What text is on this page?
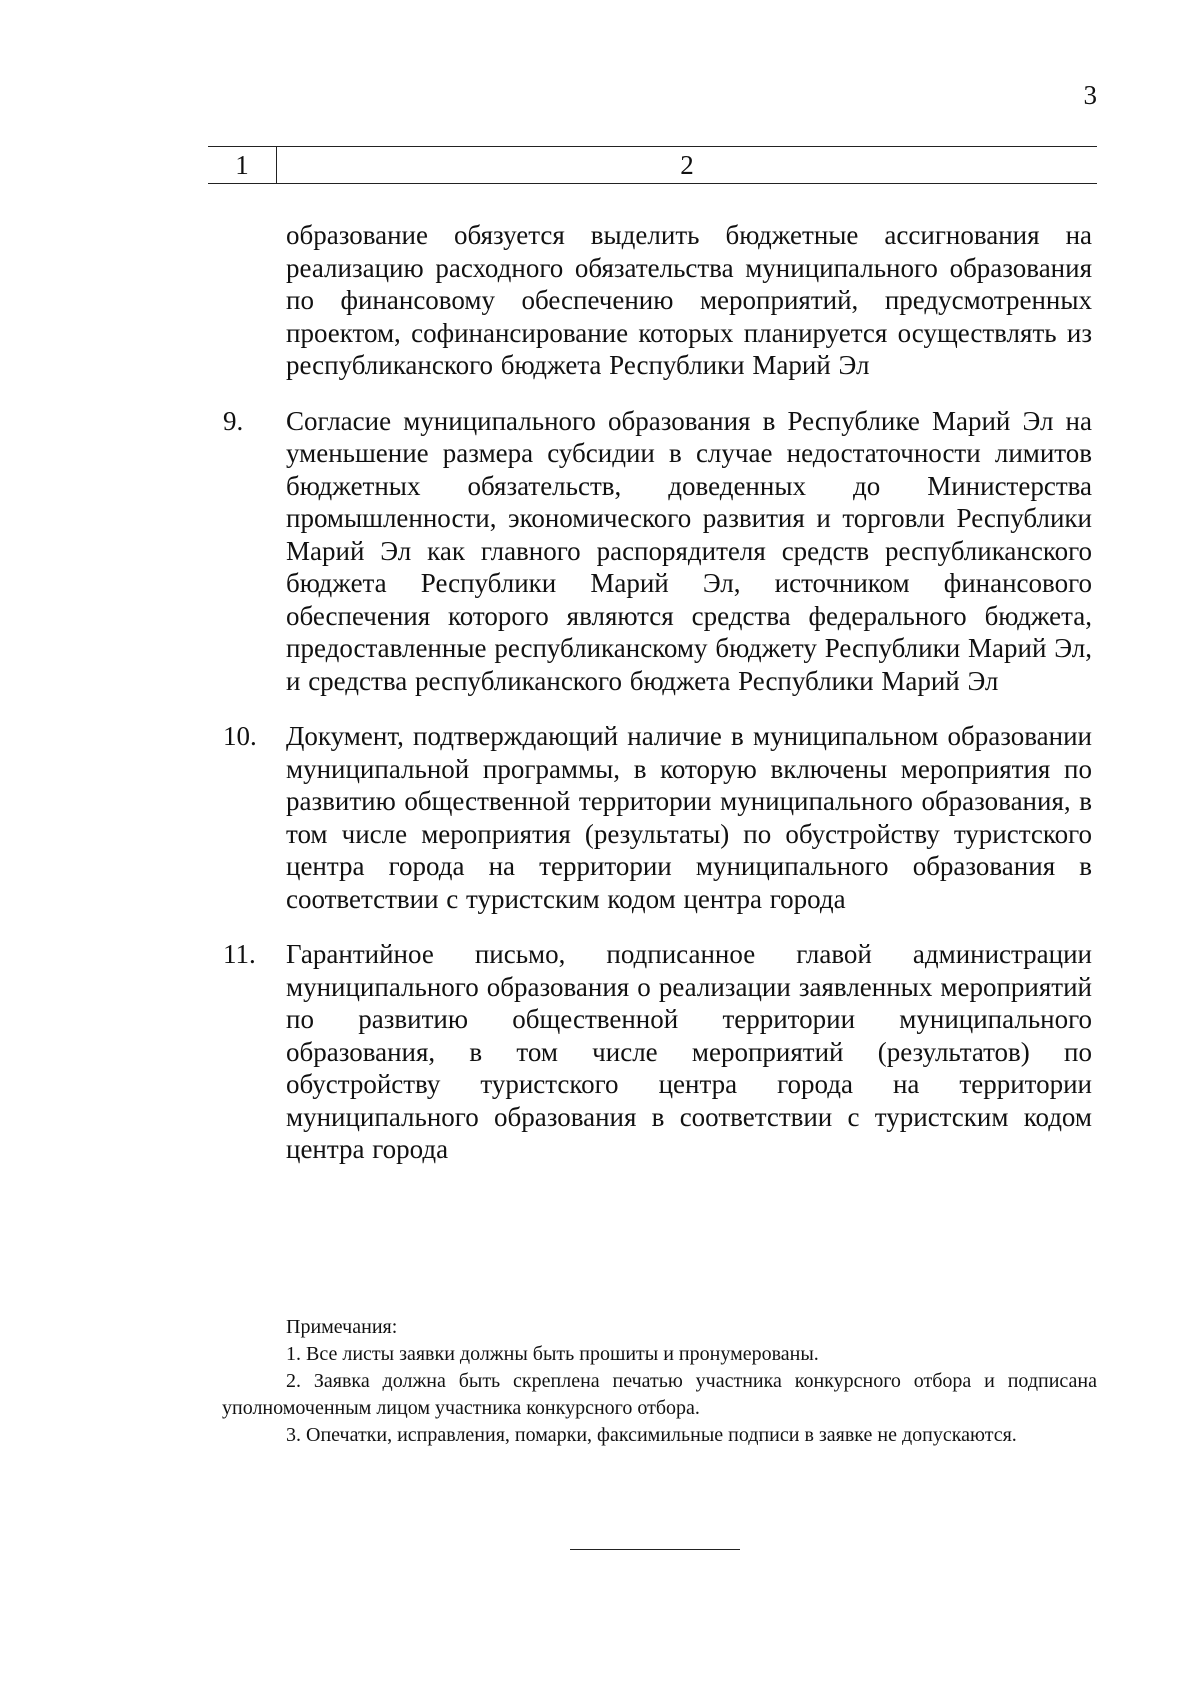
3
1	2
образование обязуется выделить бюджетные ассигнования на реализацию расходного обязательства муниципального образования по финансовому обеспечению мероприятий, предусмотренных проектом, софинансирование которых планируется осуществлять из республиканского бюджета Республики Марий Эл
9. Согласие муниципального образования в Республике Марий Эл на уменьшение размера субсидии в случае недостаточности лимитов бюджетных обязательств, доведенных до Министерства промышленности, экономического развития и торговли Республики Марий Эл как главного распорядителя средств республиканского бюджета Республики Марий Эл, источником финансового обеспечения которого являются средства федерального бюджета, предоставленные республиканскому бюджету Республики Марий Эл, и средства республиканского бюджета Республики Марий Эл
10. Документ, подтверждающий наличие в муниципальном образовании муниципальной программы, в которую включены мероприятия по развитию общественной территории муниципального образования, в том числе мероприятия (результаты) по обустройству туристского центра города на территории муниципального образования в соответствии с туристским кодом центра города
11. Гарантийное письмо, подписанное главой администрации муниципального образования о реализации заявленных мероприятий по развитию общественной территории муниципального образования, в том числе мероприятий (результатов) по обустройству туристского центра города на территории муниципального образования в соответствии с туристским кодом центра города
Примечания:

1. Все листы заявки должны быть прошиты и пронумерованы.

2. Заявка должна быть скреплена печатью участника конкурсного отбора и подписана уполномоченным лицом участника конкурсного отбора.

3. Опечатки, исправления, помарки, факсимильные подписи в заявке не допускаются.
